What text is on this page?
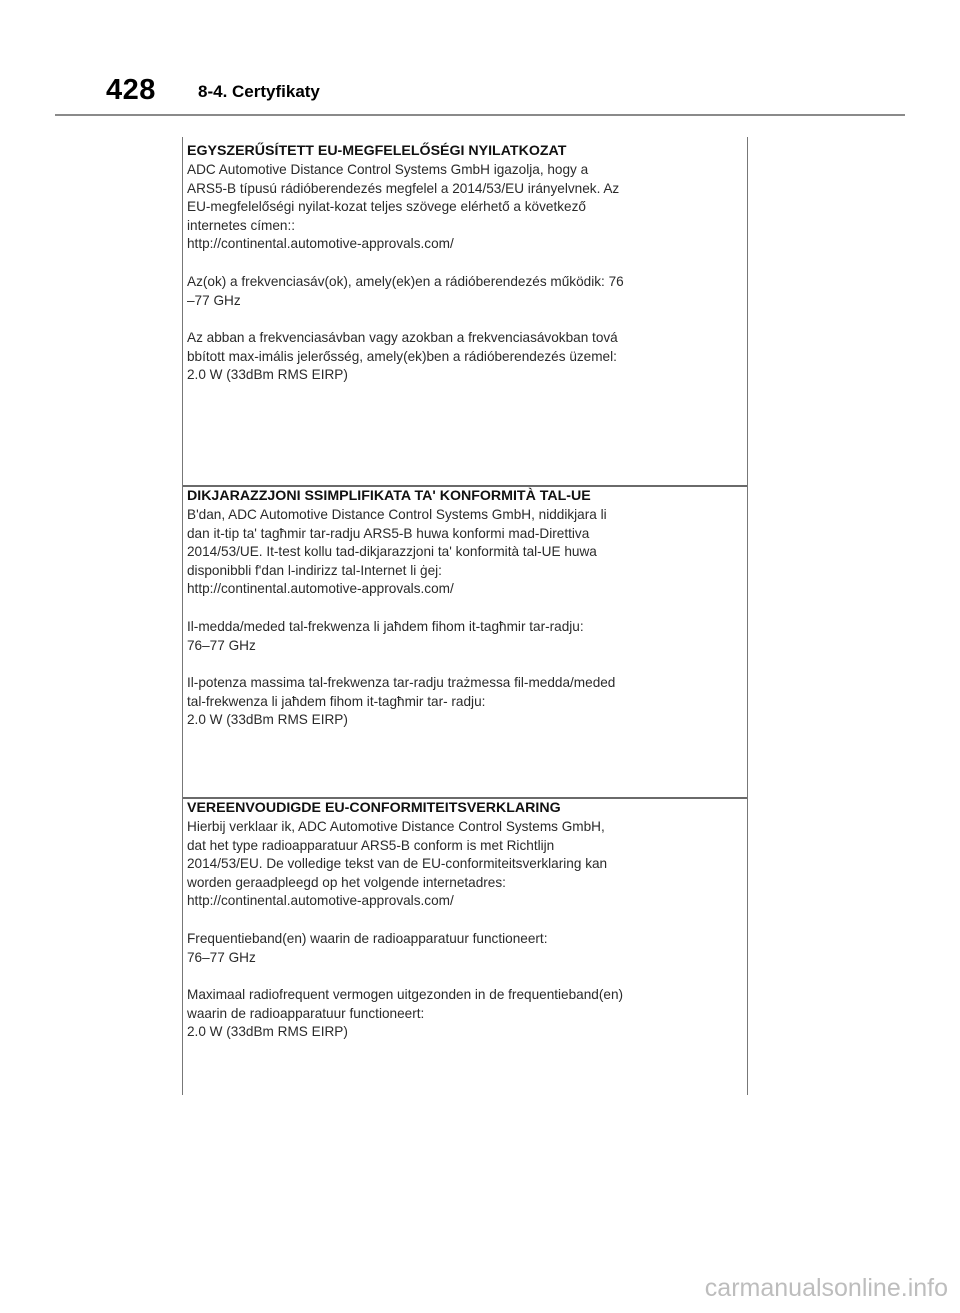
428 8-4. Certyfikaty
EGYSZERŰSÍTETT EU-MEGFELELŐSÉGI NYILATKOZAT

ADC Automotive Distance Control Systems GmbH igazolja, hogy a

ARS5-B típusú rádióberendezés megfelel a 2014/53/EU irányelvnek. Az

EU-megfelelőségi nyilat-kozat teljes szövege elérhető a következő

internetes címen::

http://continental.automotive-approvals.com/

Az(ok) a frekvenciasáv(ok), amely(ek)en a rádióberendezés működik: 76

–77 GHz

Az abban a frekvenciasávban vagy azokban a frekvenciasávokban tová

bbított max-imális jelerősség, amely(ek)ben a rádióberendezés üzemel:

2.0 W (33dBm RMS EIRP)

DIKJARAZZJONI SSIMPLIFIKATA TA' KONFORMITÀ TAL-UE

B'dan, ADC Automotive Distance Control Systems GmbH, niddikjara li

dan it-tip ta' tagħmir tar-radju ARS5-B huwa konformi mad-Direttiva

2014/53/UE. It-test kollu tad-dikjarazzjoni ta' konformità tal-UE huwa

disponibbli f'dan l-indirizz tal-Internet li ġej:

http://continental.automotive-approvals.com/

Il-medda/meded tal-frekwenza li jaħdem fihom it-tagħmir tar-radju:

76–77 GHz

Il-potenza massima tal-frekwenza tar-radju trażmessa fil-medda/meded

tal-frekwenza li jaħdem fihom it-tagħmir tar- radju:

2.0 W (33dBm RMS EIRP)

VEREENVOUDIGDE EU-CONFORMITEITSVERKLARING

Hierbij verklaar ik, ADC Automotive Distance Control Systems GmbH,

dat het type radioapparatuur ARS5-B conform is met Richtlijn

2014/53/EU. De volledige tekst van de EU-conformiteitsverklaring kan

worden geraadpleegd op het volgende internetadres:

http://continental.automotive-approvals.com/

Frequentieband(en) waarin de radioapparatuur functioneert:

76–77 GHz

Maximaal radiofrequent vermogen uitgezonden in de frequentieband(en)

waarin de radioapparatuur functioneert:

2.0 W (33dBm RMS EIRP)

carmanualsonline.info
